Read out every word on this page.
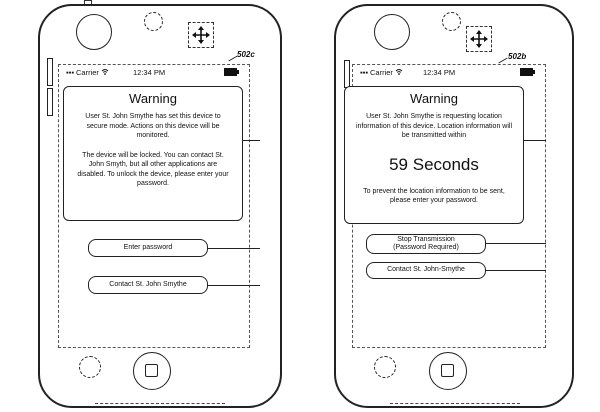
502c
▪▪▪ Carrier	12:34 PM
Warning
User St. John Smythe has set this device to secure mode. Actions on this device will be monitored.
The device will be locked. You can contact St. John Smyth, but all other applications are disabled. To unlock the device, please enter your password.
Enter password
Contact St. John Smythe
502b
▪▪▪ Carrier	12:34 PM
Warning
User St. John Smythe is requesting location information of this device. Location information will be transmitted within
59 Seconds
To prevent the location information to be sent, please enter your password.
Stop Transmission
(Password Required)
Contact St. John-Smythe
